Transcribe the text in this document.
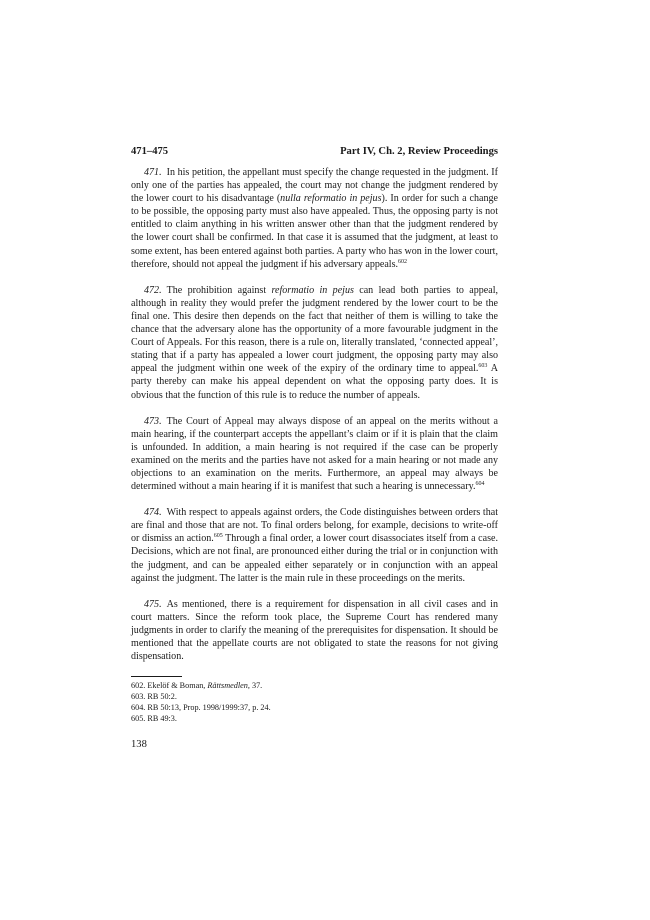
471–475	Part IV, Ch. 2, Review Proceedings

471.  In his petition, the appellant must specify the change requested in the judgment. If only one of the parties has appealed, the court may not change the judgment rendered by the lower court to his disadvantage (nulla reformatio in pejus). In order for such a change to be possible, the opposing party must also have appealed. Thus, the opposing party is not entitled to claim anything in his written answer other than that the judgment rendered by the lower court shall be confirmed. In that case it is assumed that the judgment, at least to some extent, has been entered against both parties. A party who has won in the lower court, therefore, should not appeal the judgment if his adversary appeals.$^{602}$

472.  The prohibition against reformatio in pejus can lead both parties to appeal, although in reality they would prefer the judgment rendered by the lower court to be the final one. This desire then depends on the fact that neither of them is willing to take the chance that the adversary alone has the opportunity of a more favourable judgment in the Court of Appeals. For this reason, there is a rule on, literally translated, ‘connected appeal’, stating that if a party has appealed a lower court judgment, the opposing party may also appeal the judgment within one week of the expiry of the ordinary time to appeal.$^{603}$ A party thereby can make his appeal dependent on what the opposing party does. It is obvious that the function of this rule is to reduce the number of appeals.

473.  The Court of Appeal may always dispose of an appeal on the merits without a main hearing, if the counterpart accepts the appellant’s claim or if it is plain that the claim is unfounded. In addition, a main hearing is not required if the case can be properly examined on the merits and the parties have not asked for a main hearing or not made any objections to an examination on the merits. Furthermore, an appeal may always be determined without a main hearing if it is manifest that such a hearing is unnecessary.$^{604}$

474.  With respect to appeals against orders, the Code distinguishes between orders that are final and those that are not. To final orders belong, for example, decisions to write-off or dismiss an action.$^{605}$ Through a final order, a lower court disassociates itself from a case. Decisions, which are not final, are pronounced either during the trial or in conjunction with the judgment, and can be appealed either separately or in conjunction with an appeal against the judgment. The latter is the main rule in these proceedings on the merits.

475.  As mentioned, there is a requirement for dispensation in all civil cases and in court matters. Since the reform took place, the Supreme Court has rendered many judgments in order to clarify the meaning of the prerequisites for dispensation. It should be mentioned that the appellate courts are not obligated to state the reasons for not giving dispensation.

602. Ekelöf & Boman, Rättsmedlen, 37.
603. RB 50:2.
604. RB 50:13, Prop. 1998/1999:37, p. 24.
605. RB 49:3.
138
